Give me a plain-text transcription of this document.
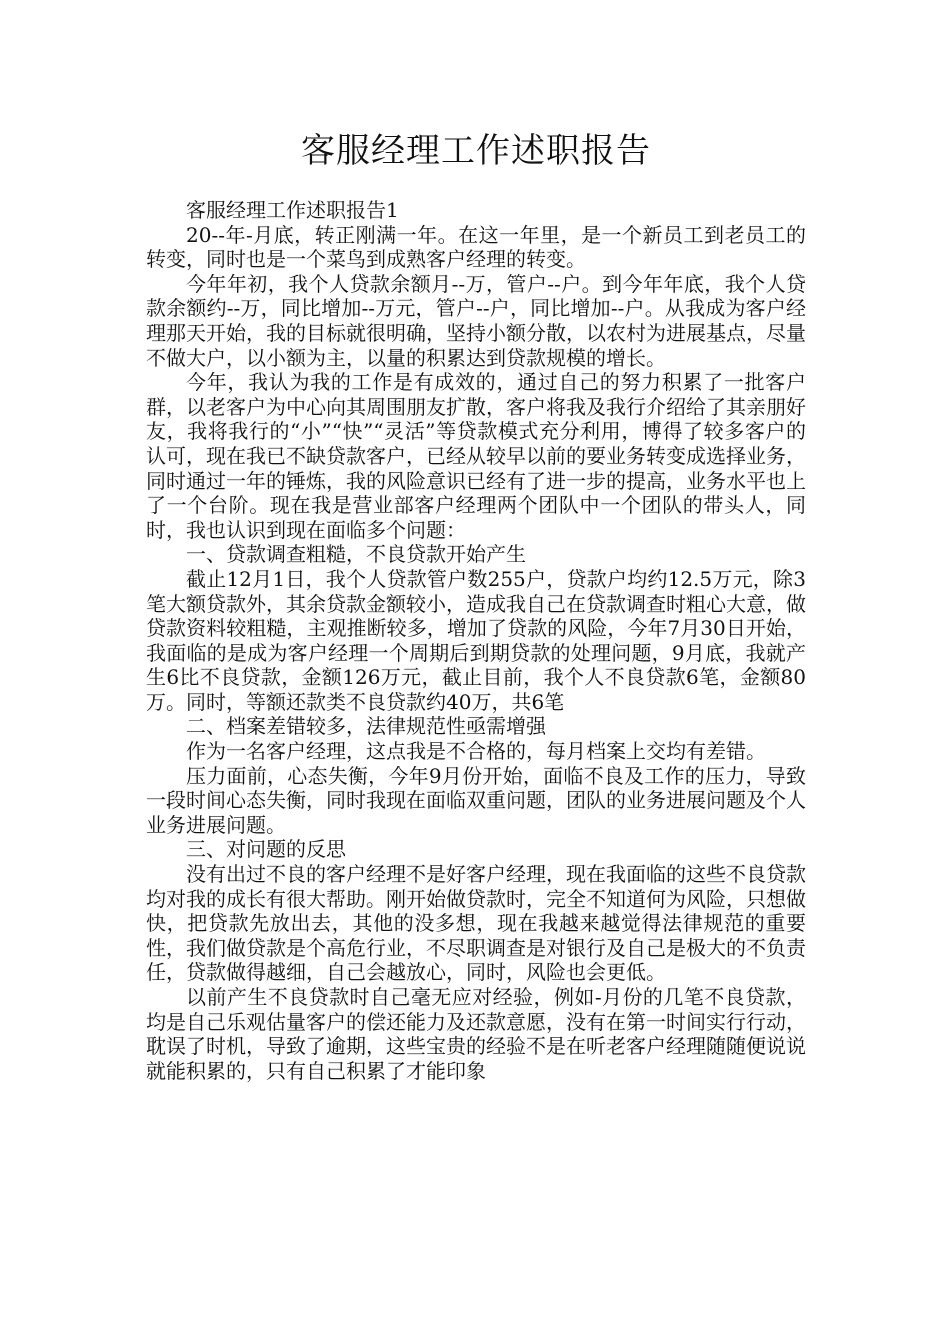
客服经理工作述职报告

客服经理工作述职报告1

20--年-月底，转正刚满一年。在这一年里，是一个新员工到老员工的转变，同时也是一个菜鸟到成熟客户经理的转变。

今年年初，我个人贷款余额月--万，管户--户。到今年年底，我个人贷款余额约--万，同比增加--万元，管户--户，同比增加--户。从我成为客户经理那天开始，我的目标就很明确，坚持小额分散，以农村为进展基点，尽量不做大户，以小额为主，以量的积累达到贷款规模的增长。

今年，我认为我的工作是有成效的，通过自己的努力积累了一批客户群，以老客户为中心向其周围朋友扩散，客户将我及我行介绍给了其亲朋好友，我将我行的“小”“快”“灵活”等贷款模式充分利用，博得了较多客户的认可，现在我已不缺贷款客户，已经从较早以前的要业务转变成选择业务，同时通过一年的锤炼，我的风险意识已经有了进一步的提高，业务水平也上了一个台阶。现在我是营业部客户经理两个团队中一个团队的带头人，同时，我也认识到现在面临多个问题：

一、贷款调查粗糙，不良贷款开始产生

截止12月1日，我个人贷款管户数255户，贷款户均约12.5万元，除3笔大额贷款外，其余贷款金额较小，造成我自己在贷款调查时粗心大意，做贷款资料较粗糙，主观推断较多，增加了贷款的风险，今年7月30日开始，我面临的是成为客户经理一个周期后到期贷款的处理问题，9月底，我就产生6比不良贷款，金额126万元，截止目前，我个人不良贷款6笔，金额80万。同时，等额还款类不良贷款约40万，共6笔

二、档案差错较多，法律规范性亟需增强

作为一名客户经理，这点我是不合格的，每月档案上交均有差错。

压力面前，心态失衡，今年9月份开始，面临不良及工作的压力，导致一段时间心态失衡，同时我现在面临双重问题，团队的业务进展问题及个人业务进展问题。

三、对问题的反思

没有出过不良的客户经理不是好客户经理，现在我面临的这些不良贷款均对我的成长有很大帮助。刚开始做贷款时，完全不知道何为风险，只想做快，把贷款先放出去，其他的没多想，现在我越来越觉得法律规范的重要性，我们做贷款是个高危行业，不尽职调查是对银行及自己是极大的不负责任，贷款做得越细，自己会越放心，同时，风险也会更低。

以前产生不良贷款时自己毫无应对经验，例如-月份的几笔不良贷款，均是自己乐观估量客户的偿还能力及还款意愿，没有在第一时间实行行动，耽误了时机，导致了逾期，这些宝贵的经验不是在听老客户经理随随便说说就能积累的，只有自己积累了才能印象
